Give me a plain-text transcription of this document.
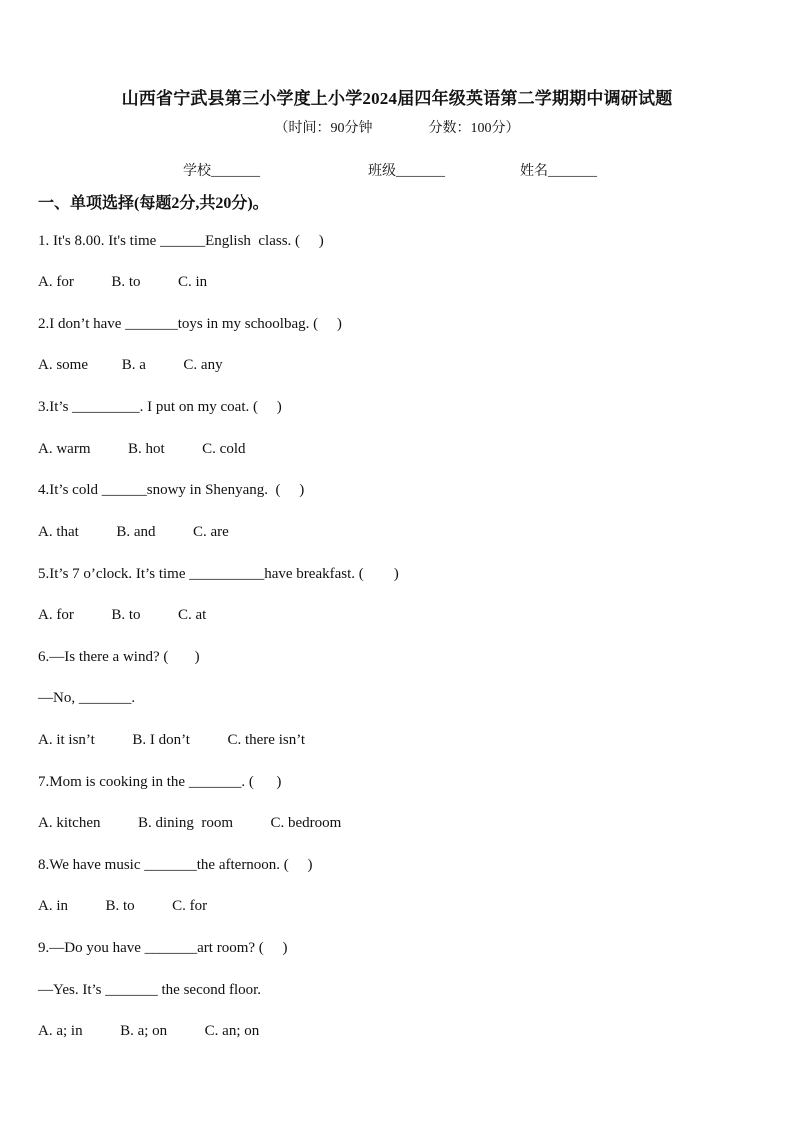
山西省宁武县第三小学度上小学2024届四年级英语第二学期期中调研试题
（时间：90分钟                分数：100分）
学校_______	班级_______	姓名_______
一、单项选择(每题2分,共20分)。
1. It's 8.00. It's time ______English  class. (     )
A. for          B. to          C. in
2.I don’t have _______toys in my schoolbag. (     )
A. some         B. a          C. any
3.It’s _________. I put on my coat. (     )
A. warm          B. hot          C. cold
4.It’s cold ______snowy in Shenyang.  (     )
A. that          B. and          C. are
5.It’s 7 o’clock. It’s time __________have breakfast. (        )
A. for          B. to          C. at
6.—Is there a wind? (       )
—No, _______.
A. it isn’t          B. I don’t          C. there isn’t
7.Mom is cooking in the _______. (      )
A. kitchen          B. dining  room          C. bedroom
8.We have music _______the afternoon. (     )
A. in          B. to          C. for
9.—Do you have _______art room? (     )
—Yes. It’s _______ the second floor.
A. a; in          B. a; on          C. an; on
